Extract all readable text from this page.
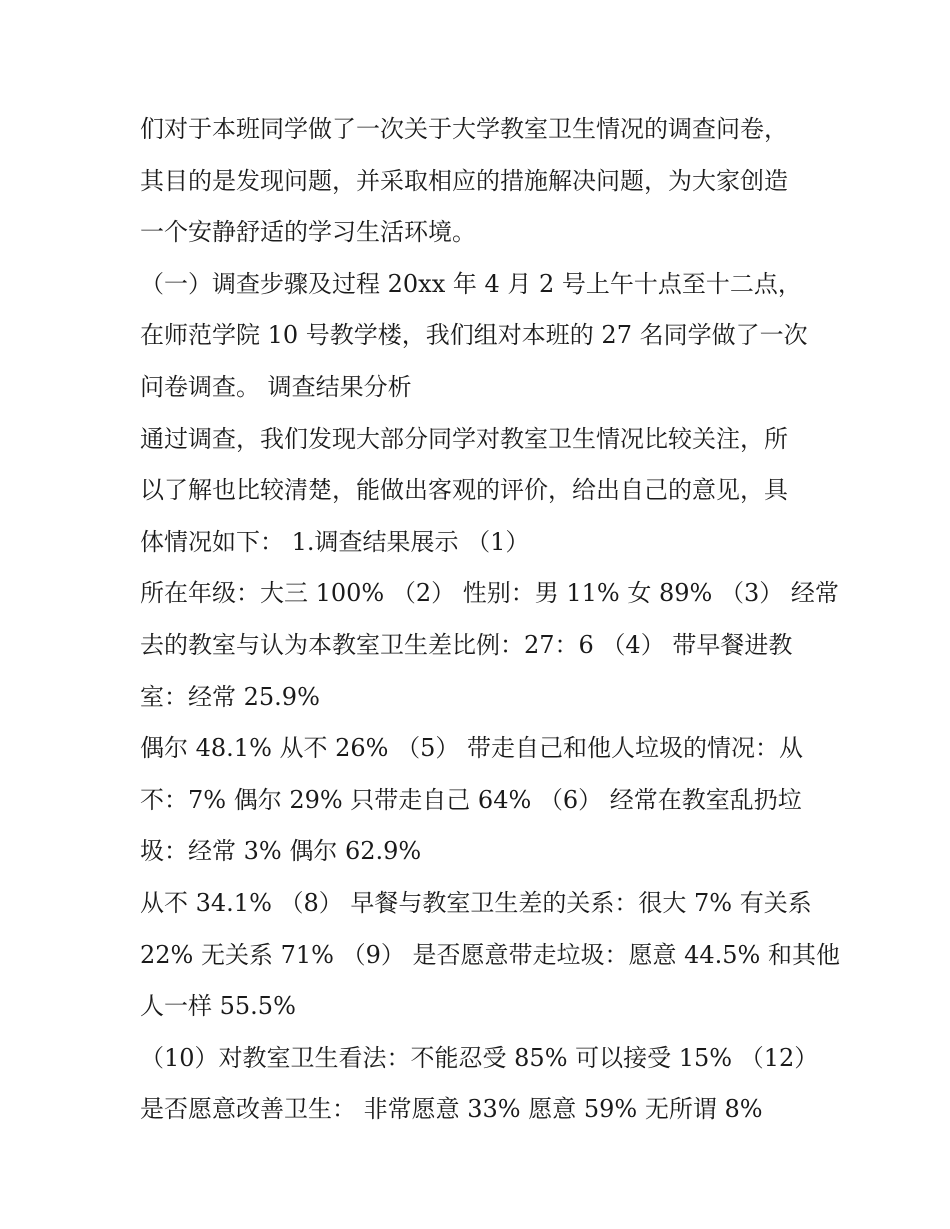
们对于本班同学做了一次关于大学教室卫生情况的调查问卷，
其目的是发现问题，并采取相应的措施解决问题，为大家创造
一个安静舒适的学习生活环境。
（一）调查步骤及过程 20xx 年 4 月 2 号上午十点至十二点，
在师范学院 10 号教学楼，我们组对本班的 27 名同学做了一次
问卷调查。 调查结果分析
通过调查，我们发现大部分同学对教室卫生情况比较关注，所
以了解也比较清楚，能做出客观的评价，给出自己的意见，具
体情况如下： 1.调查结果展示 （1）
所在年级：大三 100% （2） 性别：男 11% 女 89% （3） 经常
去的教室与认为本教室卫生差比例：27：6 （4） 带早餐进教
室：经常 25.9%
偶尔 48.1% 从不 26% （5） 带走自己和他人垃圾的情况：从
不：7% 偶尔 29% 只带走自己 64% （6） 经常在教室乱扔垃
圾：经常 3% 偶尔 62.9%
从不 34.1% （8） 早餐与教室卫生差的关系：很大 7% 有关系
22% 无关系 71% （9） 是否愿意带走垃圾：愿意 44.5% 和其他
人一样 55.5%
（10）对教室卫生看法：不能忍受 85% 可以接受 15% （12）
是否愿意改善卫生： 非常愿意 33% 愿意 59% 无所谓 8%
